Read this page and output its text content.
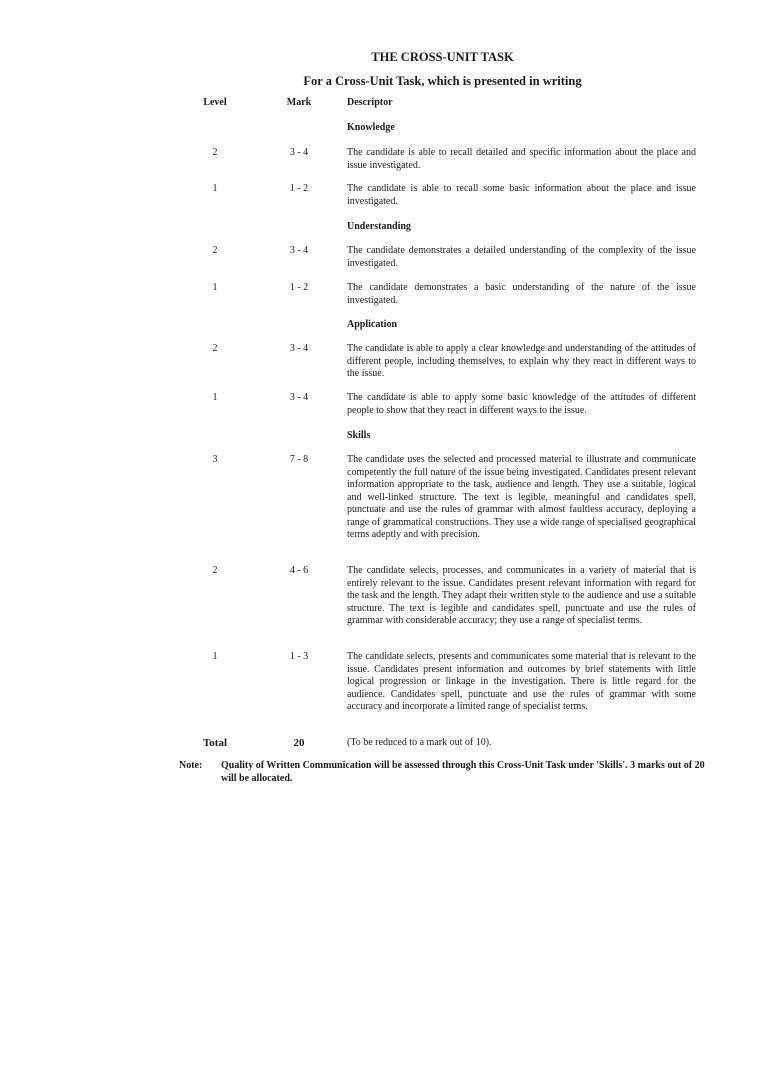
THE CROSS-UNIT TASK
For a Cross-Unit Task, which is presented in writing
Level	Mark	Descriptor
Knowledge
2	3 - 4	The candidate is able to recall detailed and specific information about the place and issue investigated.
1	1 - 2	The candidate is able to recall some basic information about the place and issue investigated.
Understanding
2	3 - 4	The candidate demonstrates a detailed understanding of the complexity of the issue investigated.
1	1 - 2	The candidate demonstrates a basic understanding of the nature of the issue investigated.
Application
2	3 - 4	The candidate is able to apply a clear knowledge and understanding of the attitudes of different people, including themselves, to explain why they react in different ways to the issue.
1	3 - 4	The candidate is able to apply some basic knowledge of the attitudes of different people to show that they react in different ways to the issue.
Skills
3	7 - 8	The candidate uses the selected and processed material to illustrate and communicate competently the full nature of the issue being investigated. Candidates present relevant information appropriate to the task, audience and length. They use a suitable, logical and well-linked structure. The text is legible, meaningful and candidates spell, punctuate and use the rules of grammar with almost faultless accuracy, deploying a range of grammatical constructions. They use a wide range of specialised geographical terms adeptly and with precision.
2	4 - 6	The candidate selects, processes, and communicates in a variety of material that is entirely relevant to the issue. Candidates present relevant information with regard for the task and the length. They adapt their written style to the audience and use a suitable structure. The text is legible and candidates spell, punctuate and use the rules of grammar with considerable accuracy; they use a range of specialist terms.
1	1 - 3	The candidate selects, presents and communicates some material that is relevant to the issue. Candidates present information and outcomes by brief statements with little logical progression or linkage in the investigation. There is little regard for the audience. Candidates spell, punctuate and use the rules of grammar with some accuracy and incorporate a limited range of specialist terms.
Total	20	(To be reduced to a mark out of 10).
Note: Quality of Written Communication will be assessed through this Cross-Unit Task under 'Skills'. 3 marks out of 20 will be allocated.
